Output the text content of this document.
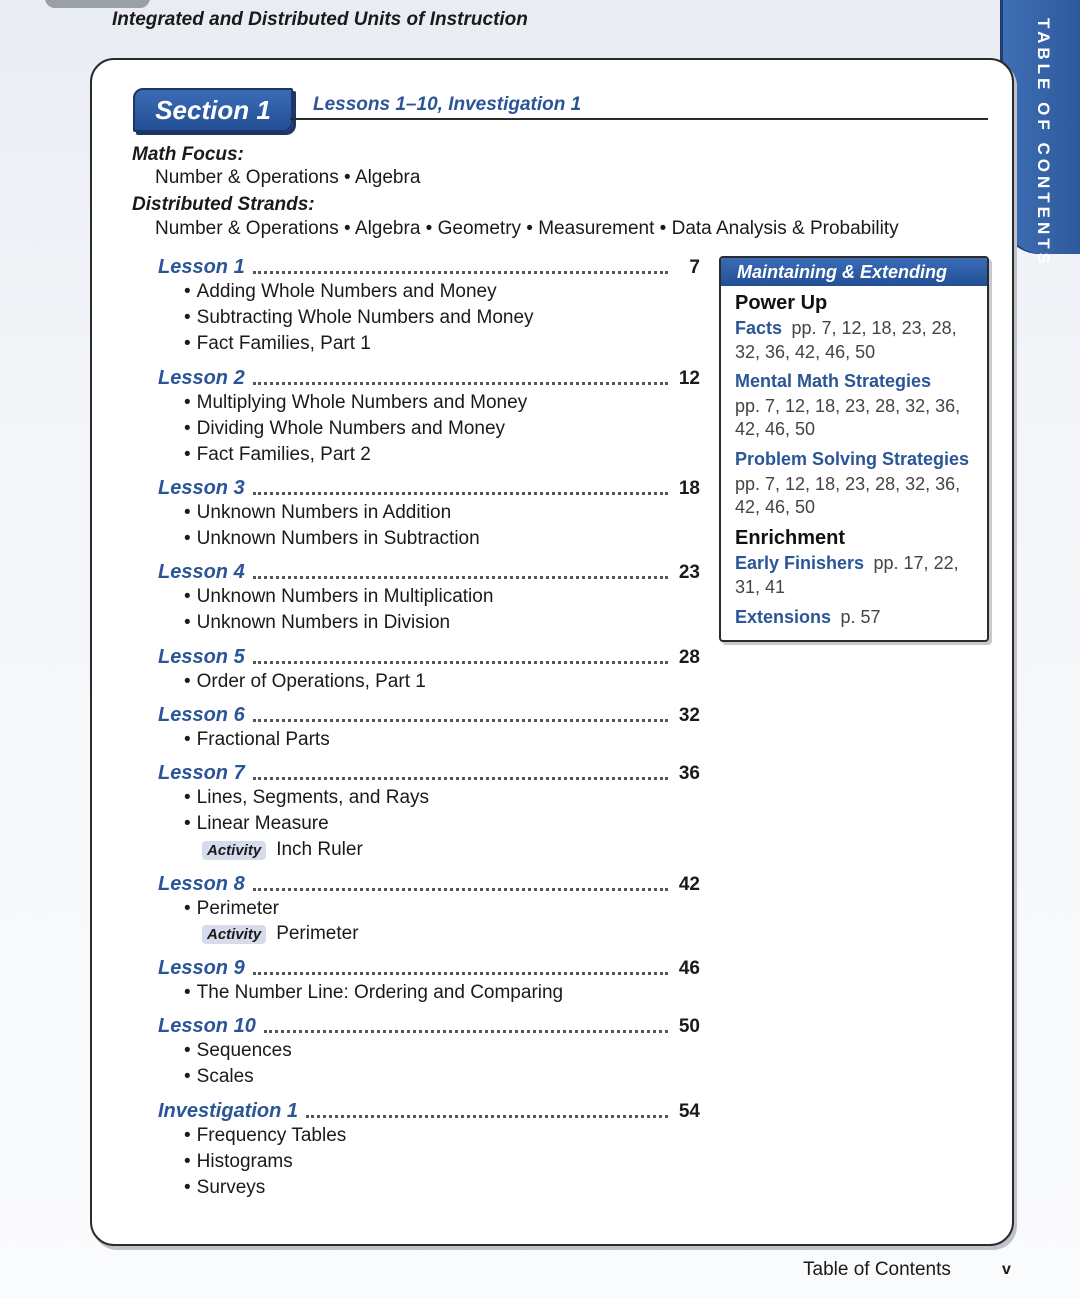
Integrated and Distributed Units of Instruction	TABLE OF CONTENTS
Section 1	Lessons 1–10, Investigation 1
Math Focus:
Number & Operations • Algebra
Distributed Strands:
Number & Operations • Algebra • Geometry • Measurement • Data Analysis & Probability
Lesson 1	7
• Adding Whole Numbers and Money
• Subtracting Whole Numbers and Money
• Fact Families, Part 1
Lesson 2	12
• Multiplying Whole Numbers and Money
• Dividing Whole Numbers and Money
• Fact Families, Part 2
Lesson 3	18
• Unknown Numbers in Addition
• Unknown Numbers in Subtraction
Lesson 4	23
• Unknown Numbers in Multiplication
• Unknown Numbers in Division
Lesson 5	28
• Order of Operations, Part 1
Lesson 6	32
• Fractional Parts
Lesson 7	36
• Lines, Segments, and Rays
• Linear Measure
Activity Inch Ruler
Lesson 8	42
• Perimeter
Activity Perimeter
Lesson 9	46
• The Number Line: Ordering and Comparing
Lesson 10	50
• Sequences
• Scales
Investigation 1	54
• Frequency Tables
• Histograms
• Surveys
Maintaining & Extending
Power Up
Facts pp. 7, 12, 18, 23, 28,
32, 36, 42, 46, 50
Mental Math Strategies
pp. 7, 12, 18, 23, 28, 32, 36,
42, 46, 50
Problem Solving Strategies
pp. 7, 12, 18, 23, 28, 32, 36,
42, 46, 50
Enrichment
Early Finishers pp. 17, 22,
31, 41
Extensions p. 57
Table of Contents	v
